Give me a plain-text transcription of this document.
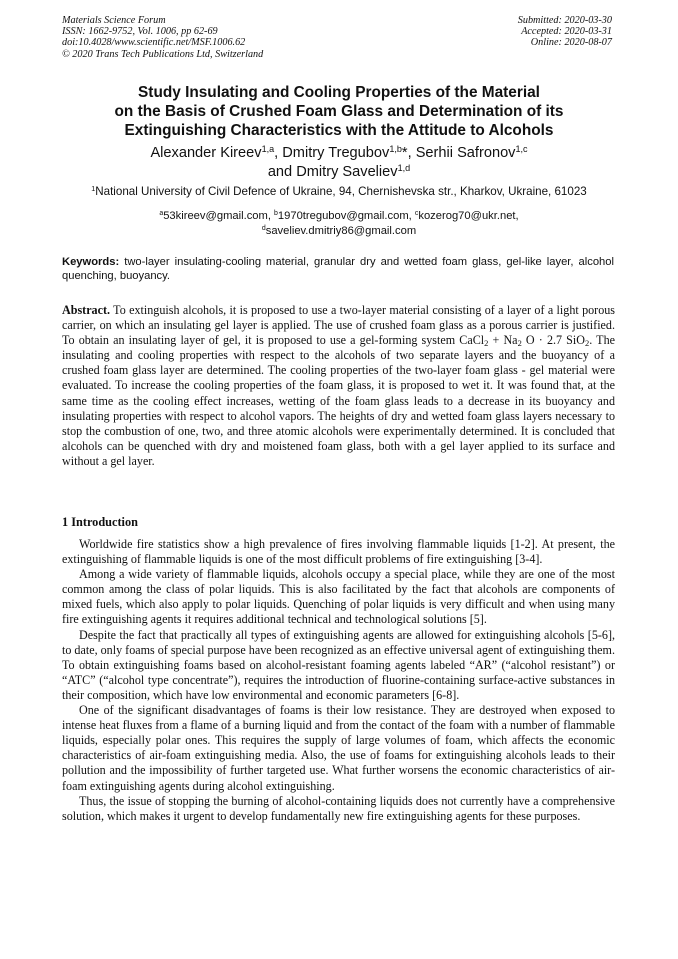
Materials Science Forum
ISSN: 1662-9752, Vol. 1006, pp 62-69
doi:10.4028/www.scientific.net/MSF.1006.62
© 2020 Trans Tech Publications Ltd, Switzerland
Submitted: 2020-03-30
Accepted: 2020-03-31
Online: 2020-08-07
Study Insulating and Cooling Properties of the Material
on the Basis of Crushed Foam Glass and Determination of its
Extinguishing Characteristics with the Attitude to Alcohols
Alexander Kireev$^{1,a}$, Dmitry Tregubov$^{1,b}$*, Serhii Safronov$^{1,c}$
and Dmitry Saveliev$^{1,d}$
$^1$National University of Civil Defence of Ukraine, 94, Chernishevska str., Kharkov, Ukraine, 61023
$^a$53kireev@gmail.com, $^b$1970tregubov@gmail.com, $^c$kozerog70@ukr.net,
$^d$saveliev.dmitriy86@gmail.com
Keywords: two-layer insulating-cooling material, granular dry and wetted foam glass, gel-like layer, alcohol quenching, buoyancy.
Abstract. To extinguish alcohols, it is proposed to use a two-layer material consisting of a layer of a light porous carrier, on which an insulating gel layer is applied. The use of crushed foam glass as a porous carrier is justified. To obtain an insulating layer of gel, it is proposed to use a gel-forming system CaCl$_2$ + $Na_2$ O · 2.7 SiO$_2$. The insulating and cooling properties with respect to the alcohols of two separate layers and the buoyancy of a crushed foam glass layer are determined. The cooling properties of the two-layer foam glass - gel material were evaluated. To increase the cooling properties of the foam glass, it is proposed to wet it. It was found that, at the same time as the cooling effect increases, wetting of the foam glass leads to a decrease in its buoyancy and insulating properties with respect to alcohol vapors. The heights of dry and wetted foam glass layers necessary to stop the combustion of one, two, and three atomic alcohols were experimentally determined. It is concluded that alcohols can be quenched with dry and moistened foam glass, both with a gel layer applied to its surface and without a gel layer.
1 Introduction

Worldwide fire statistics show a high prevalence of fires involving flammable liquids [1-2]. At present, the extinguishing of flammable liquids is one of the most difficult problems of fire extinguishing [3-4].

Among a wide variety of flammable liquids, alcohols occupy a special place, while they are one of the most common among the class of polar liquids. This is also facilitated by the fact that alcohols are components of mixed fuels, which also apply to polar liquids. Quenching of polar liquids is very difficult and when using many fire extinguishing agents it requires additional technical and technological solutions [5].

Despite the fact that practically all types of extinguishing agents are allowed for extinguishing alcohols [5-6], to date, only foams of special purpose have been recognized as an effective universal agent of extinguishing them. To obtain extinguishing foams based on alcohol-resistant foaming agents labeled “AR” (“alcohol resistant”) or “ATC” (“alcohol type concentrate”), requires the introduction of fluorine-containing surface-active substances in their composition, which have low environmental and economic parameters [6-8].

One of the significant disadvantages of foams is their low resistance. They are destroyed when exposed to intense heat fluxes from a flame of a burning liquid and from the contact of the foam with a number of flammable liquids, especially polar ones. This requires the supply of large volumes of foam, which affects the economic characteristics of air-foam extinguishing media. Also, the use of foams for extinguishing alcohols leads to their pollution and the impossibility of further targeted use. What further worsens the economic characteristics of air-foam extinguishing agents during alcohol extinguishing.

Thus, the issue of stopping the burning of alcohol-containing liquids does not currently have a comprehensive solution, which makes it urgent to develop fundamentally new fire extinguishing agents for these purposes.
